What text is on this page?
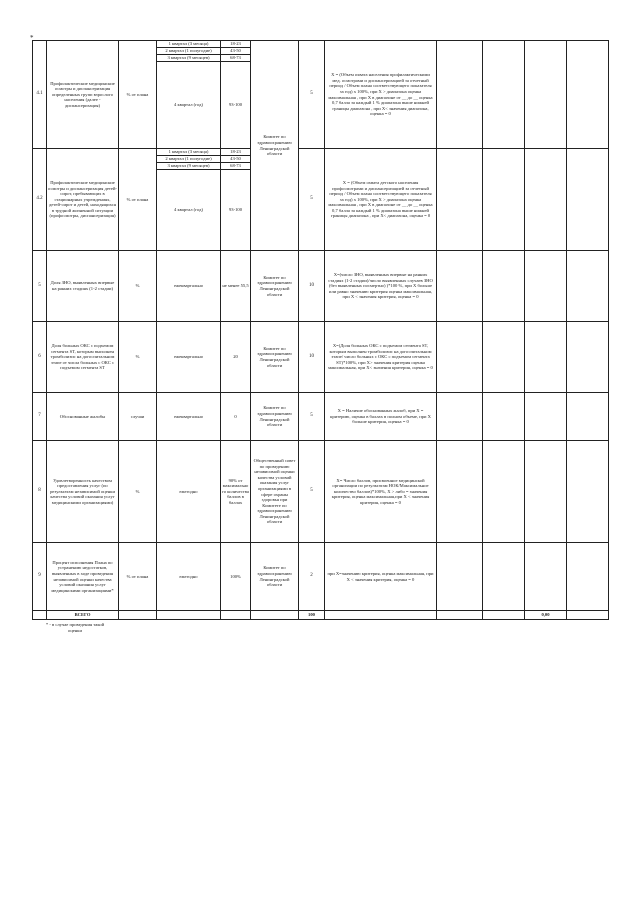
*
4.1	Профилактические медицинские осмотры и диспансеризация определенных групп взрослого населения (далее - диспансеризация)	% от плана	1 квартал (3 месяца)	18-23	Комитет по здравоохранению Ленинградской области	5	X = (Объем охвата населения профилактическими мед. осмотрами и диспансеризацией за отчетный период / Объем плана соответствующего показателя за год) x 100%, при X > диапазона оценка максимальная , при X в диапазоне от __ до __ оценка 0,7 балла за каждый 1 % диапазона выше нижней границы диапазона , при X< значения диапазона, оценка = 0				
			2 квартал (1 полугодие)	43-50							
			3 квартал (9 месяцев)	68-73							
			4 квартал (год)	93-100							
4.2	Профилактические медицинские осмотры и диспансеризация детей-сирот, пребывающих в стационарных учреждениях, детей-сирот и детей, находящихся в трудной жизненной ситуации (профосмотры, диспансеризация)	% от плана	1 квартал (3 месяца)	18-23		5	X = (Объем охвата детского населения профосмотрами и диспансеризацией за отчетный период / Объем плана соответствующего показателя за год) x 100%, при X > диапазона оценка максимальная , при X в диапазоне от __ до __ оценка 0,7 балла за каждый 1 % диапазона выше нижней границы диапазона , при X< диапазона, оценка = 0				
			2 квартал (1 полугодие)	43-50							
			3 квартал (9 месяцев)	68-73							
			4 квартал (год)	93-100							
5	Доля ЗНО, выявленных впервые на ранних стадиях (1-2 стадии)	%	ежеквартально	не менее 55,5	Комитет по здравоохранению Ленинградской области	10	X=(число ЗНО, выявленных впервые на ранних стадиях (1-2 стадии)/число выявленных случаев ЗНО (без выявленных посмертно) )*100 %, при X больше или равно значению критерия оценка максимальная, при X < значения критерия, оценка = 0				
6	Доля больных ОКС с подъемом сегмента ST, которым выполнен тромболизис на догоспитальном этапе от числа больных с ОКС с подъемом сегмента ST	%	ежеквартально	20	Комитет по здравоохранению Ленинградской области	10	X=(Доля больных ОКС с подъемом сегмента ST, которым выполнен тромболизис на догоспитальном этапе/ число больных с ОКС с подъемом сегмента ST)*100%, при X> значения критерия оценка максимальная, при X< значения критерия, оценка = 0				
7	Обоснованные жалобы	случаи	ежеквартально	0	Комитет по здравоохранению Ленинградской области	5	X = Наличие обоснованных жалоб, при X = критерию, оценка в баллах в полном объеме, при X больше критерия, оценка = 0				
8	Удовлетворенность качеством предоставления услуг (по результатам независимой оценки качества условий оказания услуг медицинскими организациями)	%	ежегодно	90% от максимального количества баллов в баллах	Общественный совет по проведению независимой оценки качества условий оказания услуг организациями в сфере охраны здоровья при Комитете по здравоохранению Ленинградской области	5	X= Число баллов, присвоенное медицинской организации по результатам НОК/Максимальное количество баллов)*100%, X > либо = значения критерия, оценка максимальная,при X < значения критерия, оценка = 0				
9	Процент исполнения Плана по устранению недостатков, выявленных в ходе проведения независимой оценки качества условий оказания услуг медицинскими организациями*	% от плана	ежегодно	100%	Комитет по здравоохранению Ленинградской области	2	при X=значению критерия, оценка максимальная, при X < значения критерия, оценка = 0				
	ВСЕГО					100				0,00	
* - в случае проведения такой оценки
